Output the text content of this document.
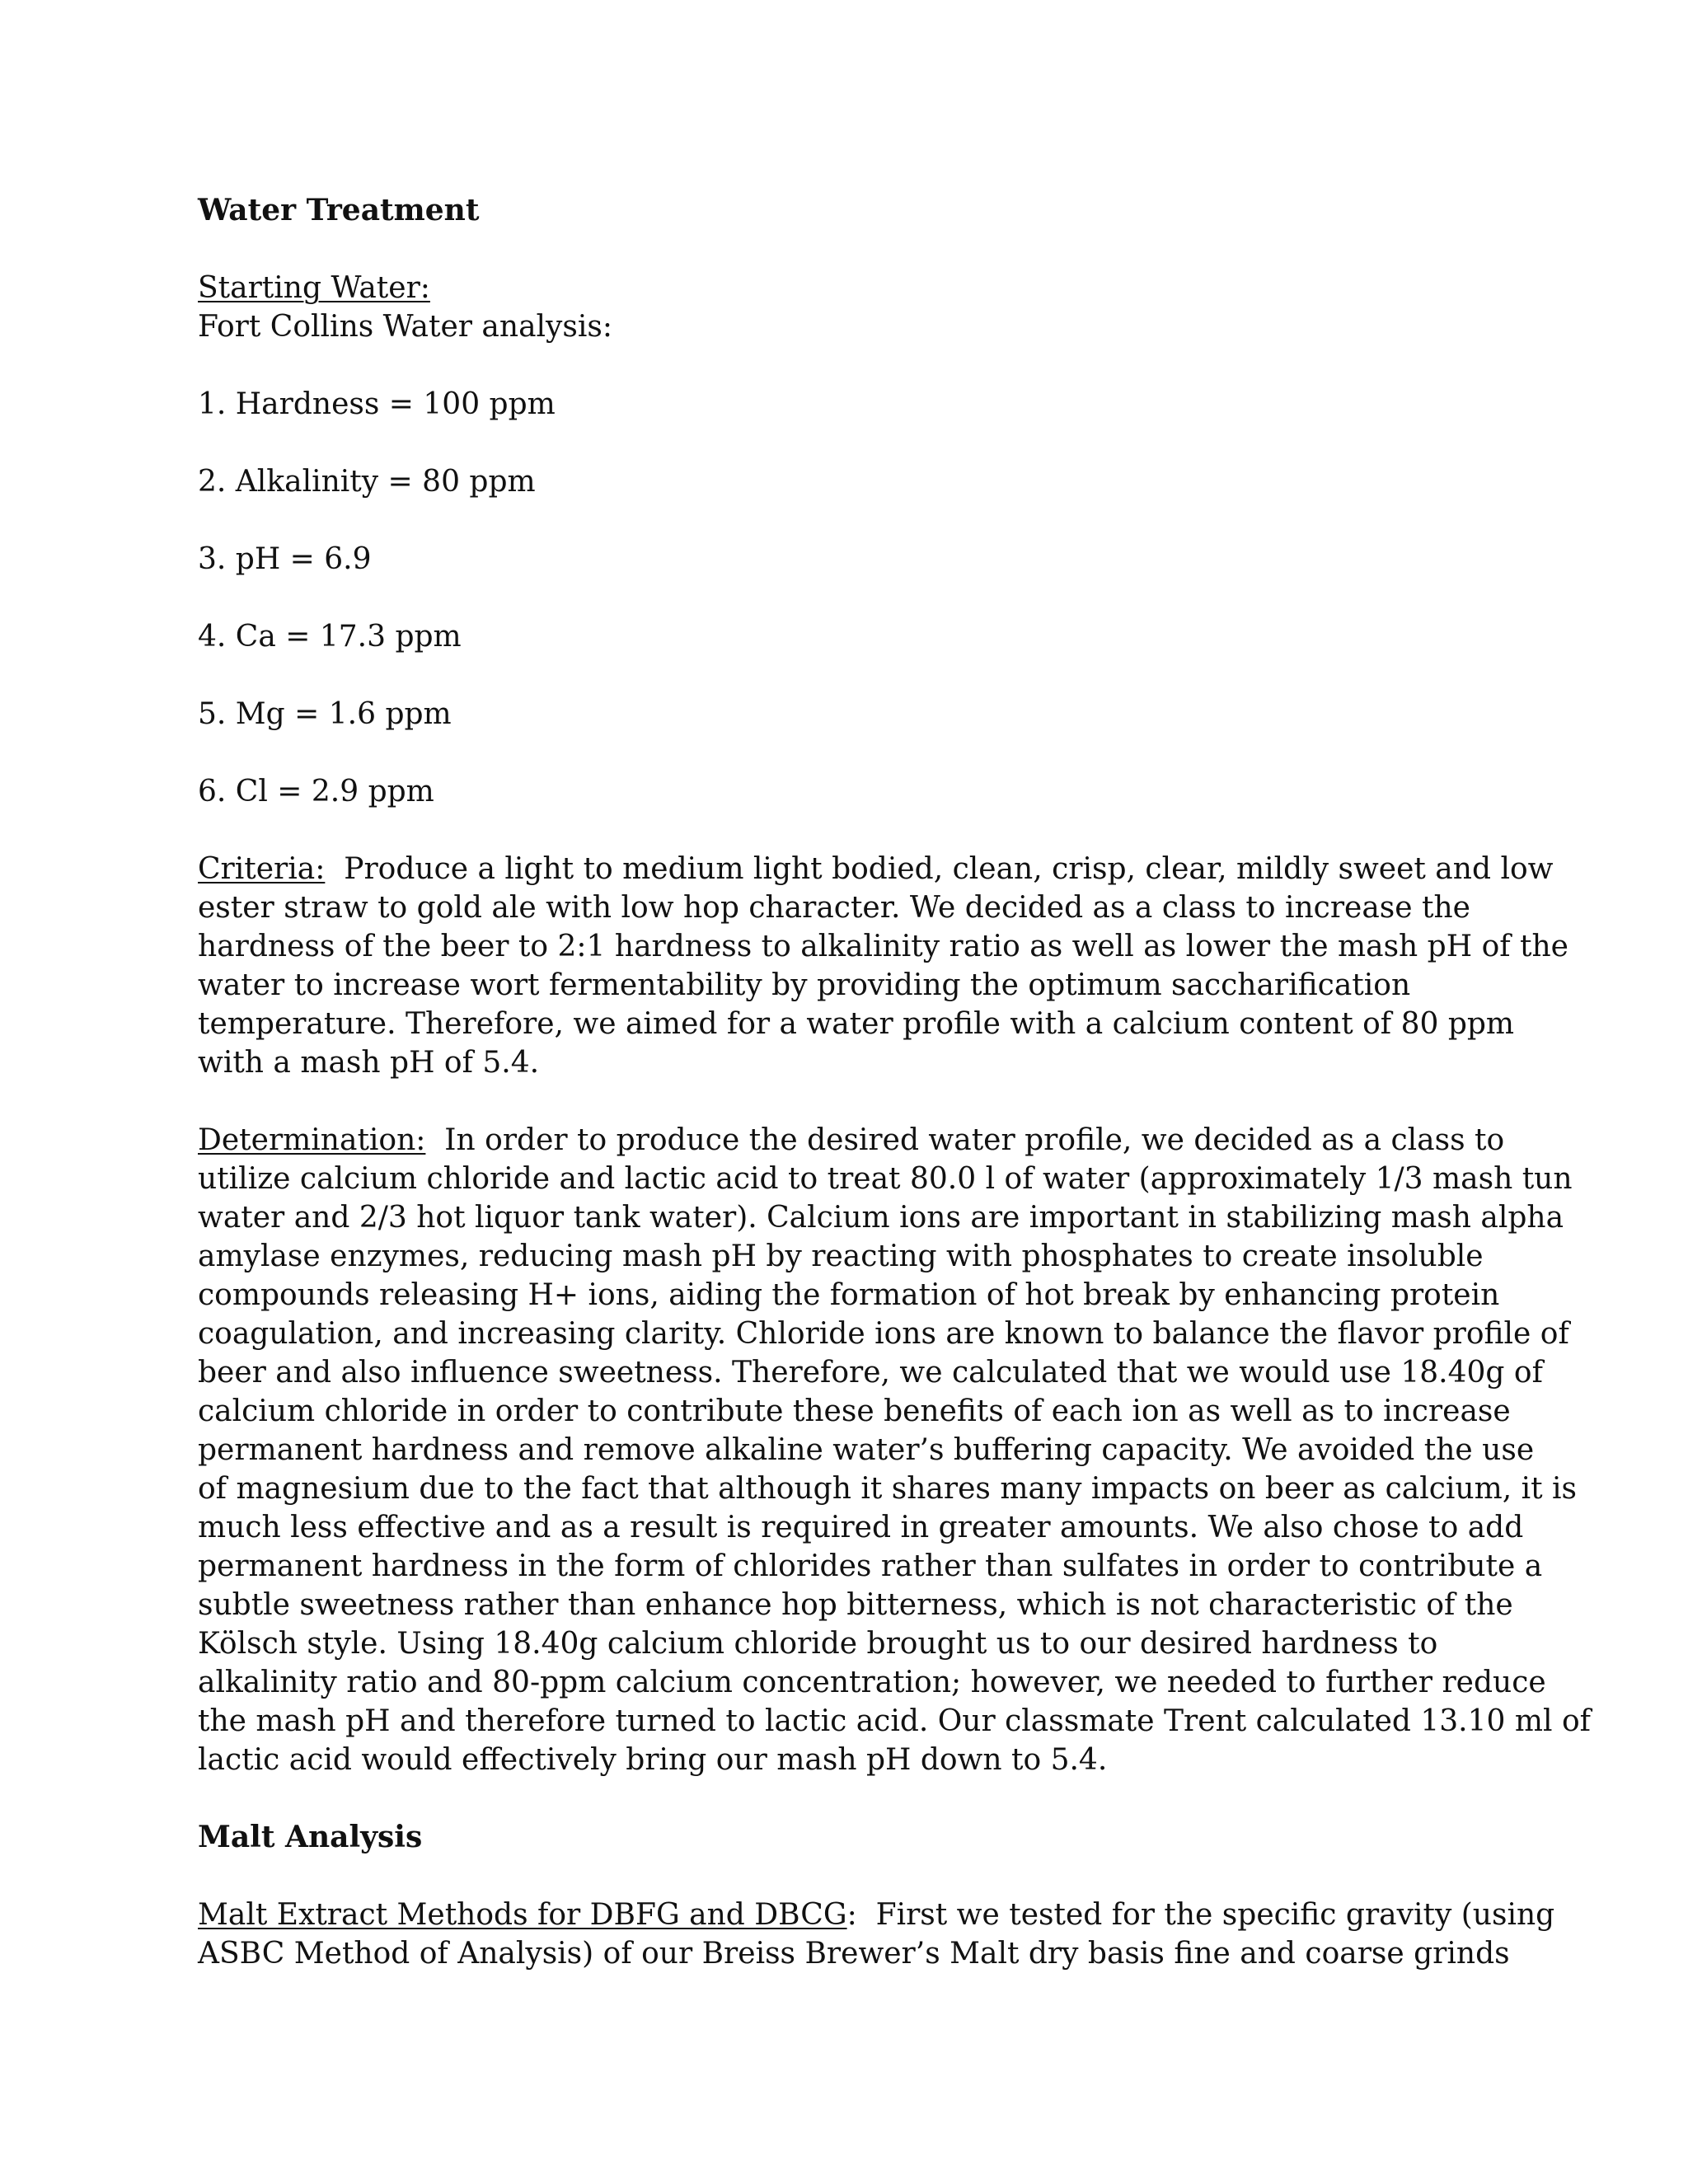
Water Treatment
Starting Water:
Fort Collins Water analysis:
1. Hardness = 100 ppm
2. Alkalinity = 80 ppm
3. pH = 6.9
4. Ca = 17.3 ppm
5. Mg = 1.6 ppm
6. Cl = 2.9 ppm
Criteria:  Produce a light to medium light bodied, clean, crisp, clear, mildly sweet and low
ester straw to gold ale with low hop character. We decided as a class to increase the
hardness of the beer to 2:1 hardness to alkalinity ratio as well as lower the mash pH of the
water to increase wort fermentability by providing the optimum saccharification
temperature. Therefore, we aimed for a water profile with a calcium content of 80 ppm
with a mash pH of 5.4.
Determination:  In order to produce the desired water profile, we decided as a class to
utilize calcium chloride and lactic acid to treat 80.0 l of water (approximately 1/3 mash tun
water and 2/3 hot liquor tank water). Calcium ions are important in stabilizing mash alpha
amylase enzymes, reducing mash pH by reacting with phosphates to create insoluble
compounds releasing H+ ions, aiding the formation of hot break by enhancing protein
coagulation, and increasing clarity. Chloride ions are known to balance the flavor profile of
beer and also influence sweetness. Therefore, we calculated that we would use 18.40g of
calcium chloride in order to contribute these benefits of each ion as well as to increase
permanent hardness and remove alkaline water’s buffering capacity. We avoided the use
of magnesium due to the fact that although it shares many impacts on beer as calcium, it is
much less effective and as a result is required in greater amounts. We also chose to add
permanent hardness in the form of chlorides rather than sulfates in order to contribute a
subtle sweetness rather than enhance hop bitterness, which is not characteristic of the
Kölsch style. Using 18.40g calcium chloride brought us to our desired hardness to
alkalinity ratio and 80-ppm calcium concentration; however, we needed to further reduce
the mash pH and therefore turned to lactic acid. Our classmate Trent calculated 13.10 ml of
lactic acid would effectively bring our mash pH down to 5.4.
Malt Analysis
Malt Extract Methods for DBFG and DBCG:  First we tested for the specific gravity (using
ASBC Method of Analysis) of our Breiss Brewer’s Malt dry basis fine and coarse grinds
